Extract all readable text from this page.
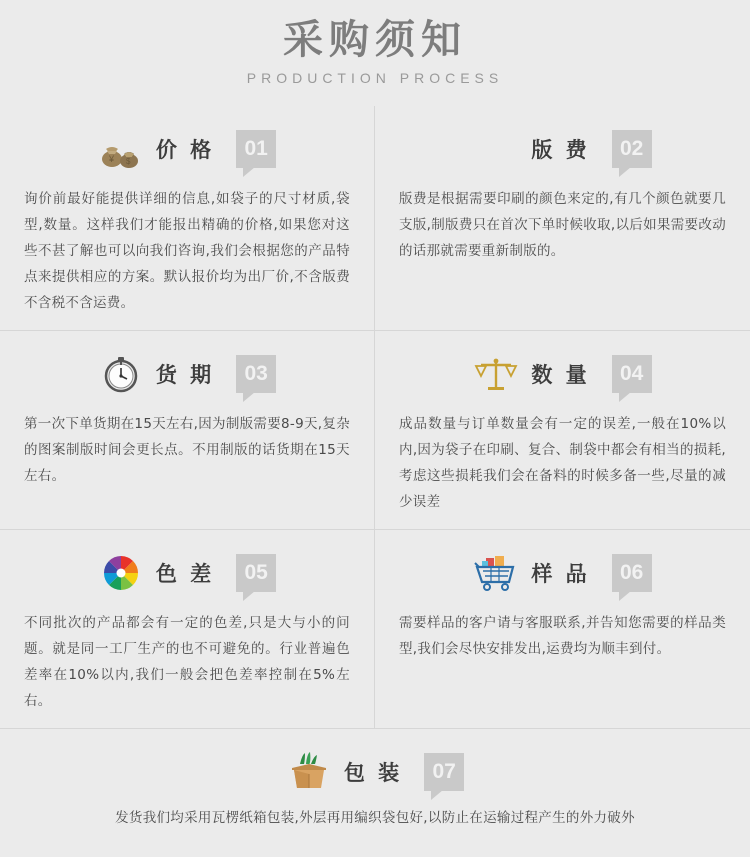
采购须知
PRODUCTION PROCESS
¥ $ 价 格	01
询价前最好能提供详细的信息,如袋子的尺寸材质,袋型,数量。这样我们才能报出精确的价格,如果您对这些不甚了解也可以向我们咨询,我们会根据您的产品特点来提供相应的方案。默认报价均为出厂价,不含版费不含税不含运费。
版 费	02
版费是根据需要印刷的颜色来定的,有几个颜色就要几支版,制版费只在首次下单时候收取,以后如果需要改动的话那就需要重新制版的。
货 期	03
第一次下单货期在15天左右,因为制版需要8-9天,复杂的图案制版时间会更长点。不用制版的话货期在15天左右。
数 量	04
成品数量与订单数量会有一定的误差,一般在10%以内,因为袋子在印刷、复合、制袋中都会有相当的损耗,考虑这些损耗我们会在备料的时候多备一些,尽量的减少误差
色 差	05
不同批次的产品都会有一定的色差,只是大与小的问题。就是同一工厂生产的也不可避免的。行业普遍色差率在10%以内,我们一般会把色差率控制在5%左右。
样 品	06
需要样品的客户请与客服联系,并告知您需要的样品类型,我们会尽快安排发出,运费均为顺丰到付。
包 装	07
发货我们均采用瓦楞纸箱包装,外层再用编织袋包好,以防止在运输过程产生的外力破外
